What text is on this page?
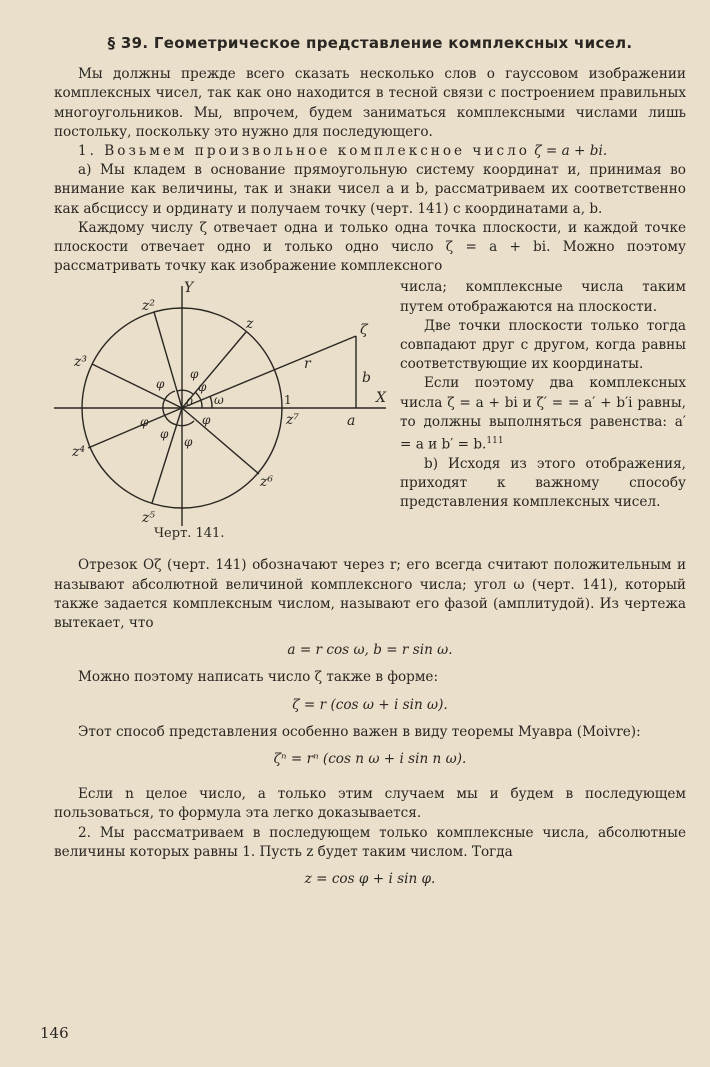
§ 39. Геометрическое представление комплексных чисел.

Мы должны прежде всего сказать несколько слов о гауссовом изображении комплексных чисел, так как оно находится в тесной связи с построением правильных многоугольников. Мы, впрочем, будем заниматься комплексными числами лишь постольку, поскольку это нужно для последующего.

1. Возьмем произвольное комплексное число ζ = a + bi.

а) Мы кладем в основание прямоугольную систему координат и, принимая во внимание как величины, так и знаки чисел a и b, рассматриваем их соответственно как абсциссу и ординату и получаем точку (черт. 141) с координатами a, b.

Каждому числу ζ отвечает одна и только одна точка плоскости, и каждой точке плоскости отвечает одно и только одно число ζ = a + bi. Можно поэтому рассматривать точку как изображение комплексного

Y
X
0
ζ
r
b
a
ω
φ
φ
φ
φ
φ
φ
φ
z
z²
z³
z⁴
z⁵
z⁶
z⁷
1
Черт. 141.

числа; комплексные числа таким путем отображаются на плоскости.

Две точки плоскости только тогда совпадают друг с другом, когда равны соответствующие их координаты.

Если поэтому два комплексных числа ζ = a + bi и ζ′ = = a′ + b′i равны, то должны выполняться равенства: a′ = a и b′ = b.$^{111}$

b) Исходя из этого отображения, приходят к важному способу представления комплексных чисел.

Отрезок Oζ (черт. 141) обозначают через r; его всегда считают положительным и называют абсолютной величиной комплексного числа; угол ω (черт. 141), который также задается комплексным числом, называют его фазой (амплитудой). Из чертежа вытекает, что

a = r cos ω, b = r sin ω.

Можно поэтому написать число ζ также в форме:

ζ = r (cos ω + i sin ω).

Этот способ представления особенно важен в виду теоремы Муавра (Moivre):

ζⁿ = rⁿ (cos n ω + i sin n ω).

Если n целое число, а только этим случаем мы и будем в последующем пользоваться, то формула эта легко доказывается.

2. Мы рассматриваем в последующем только комплексные числа, абсолютные величины которых равны 1. Пусть z будет таким числом. Тогда

z = cos φ + i sin φ.

146
